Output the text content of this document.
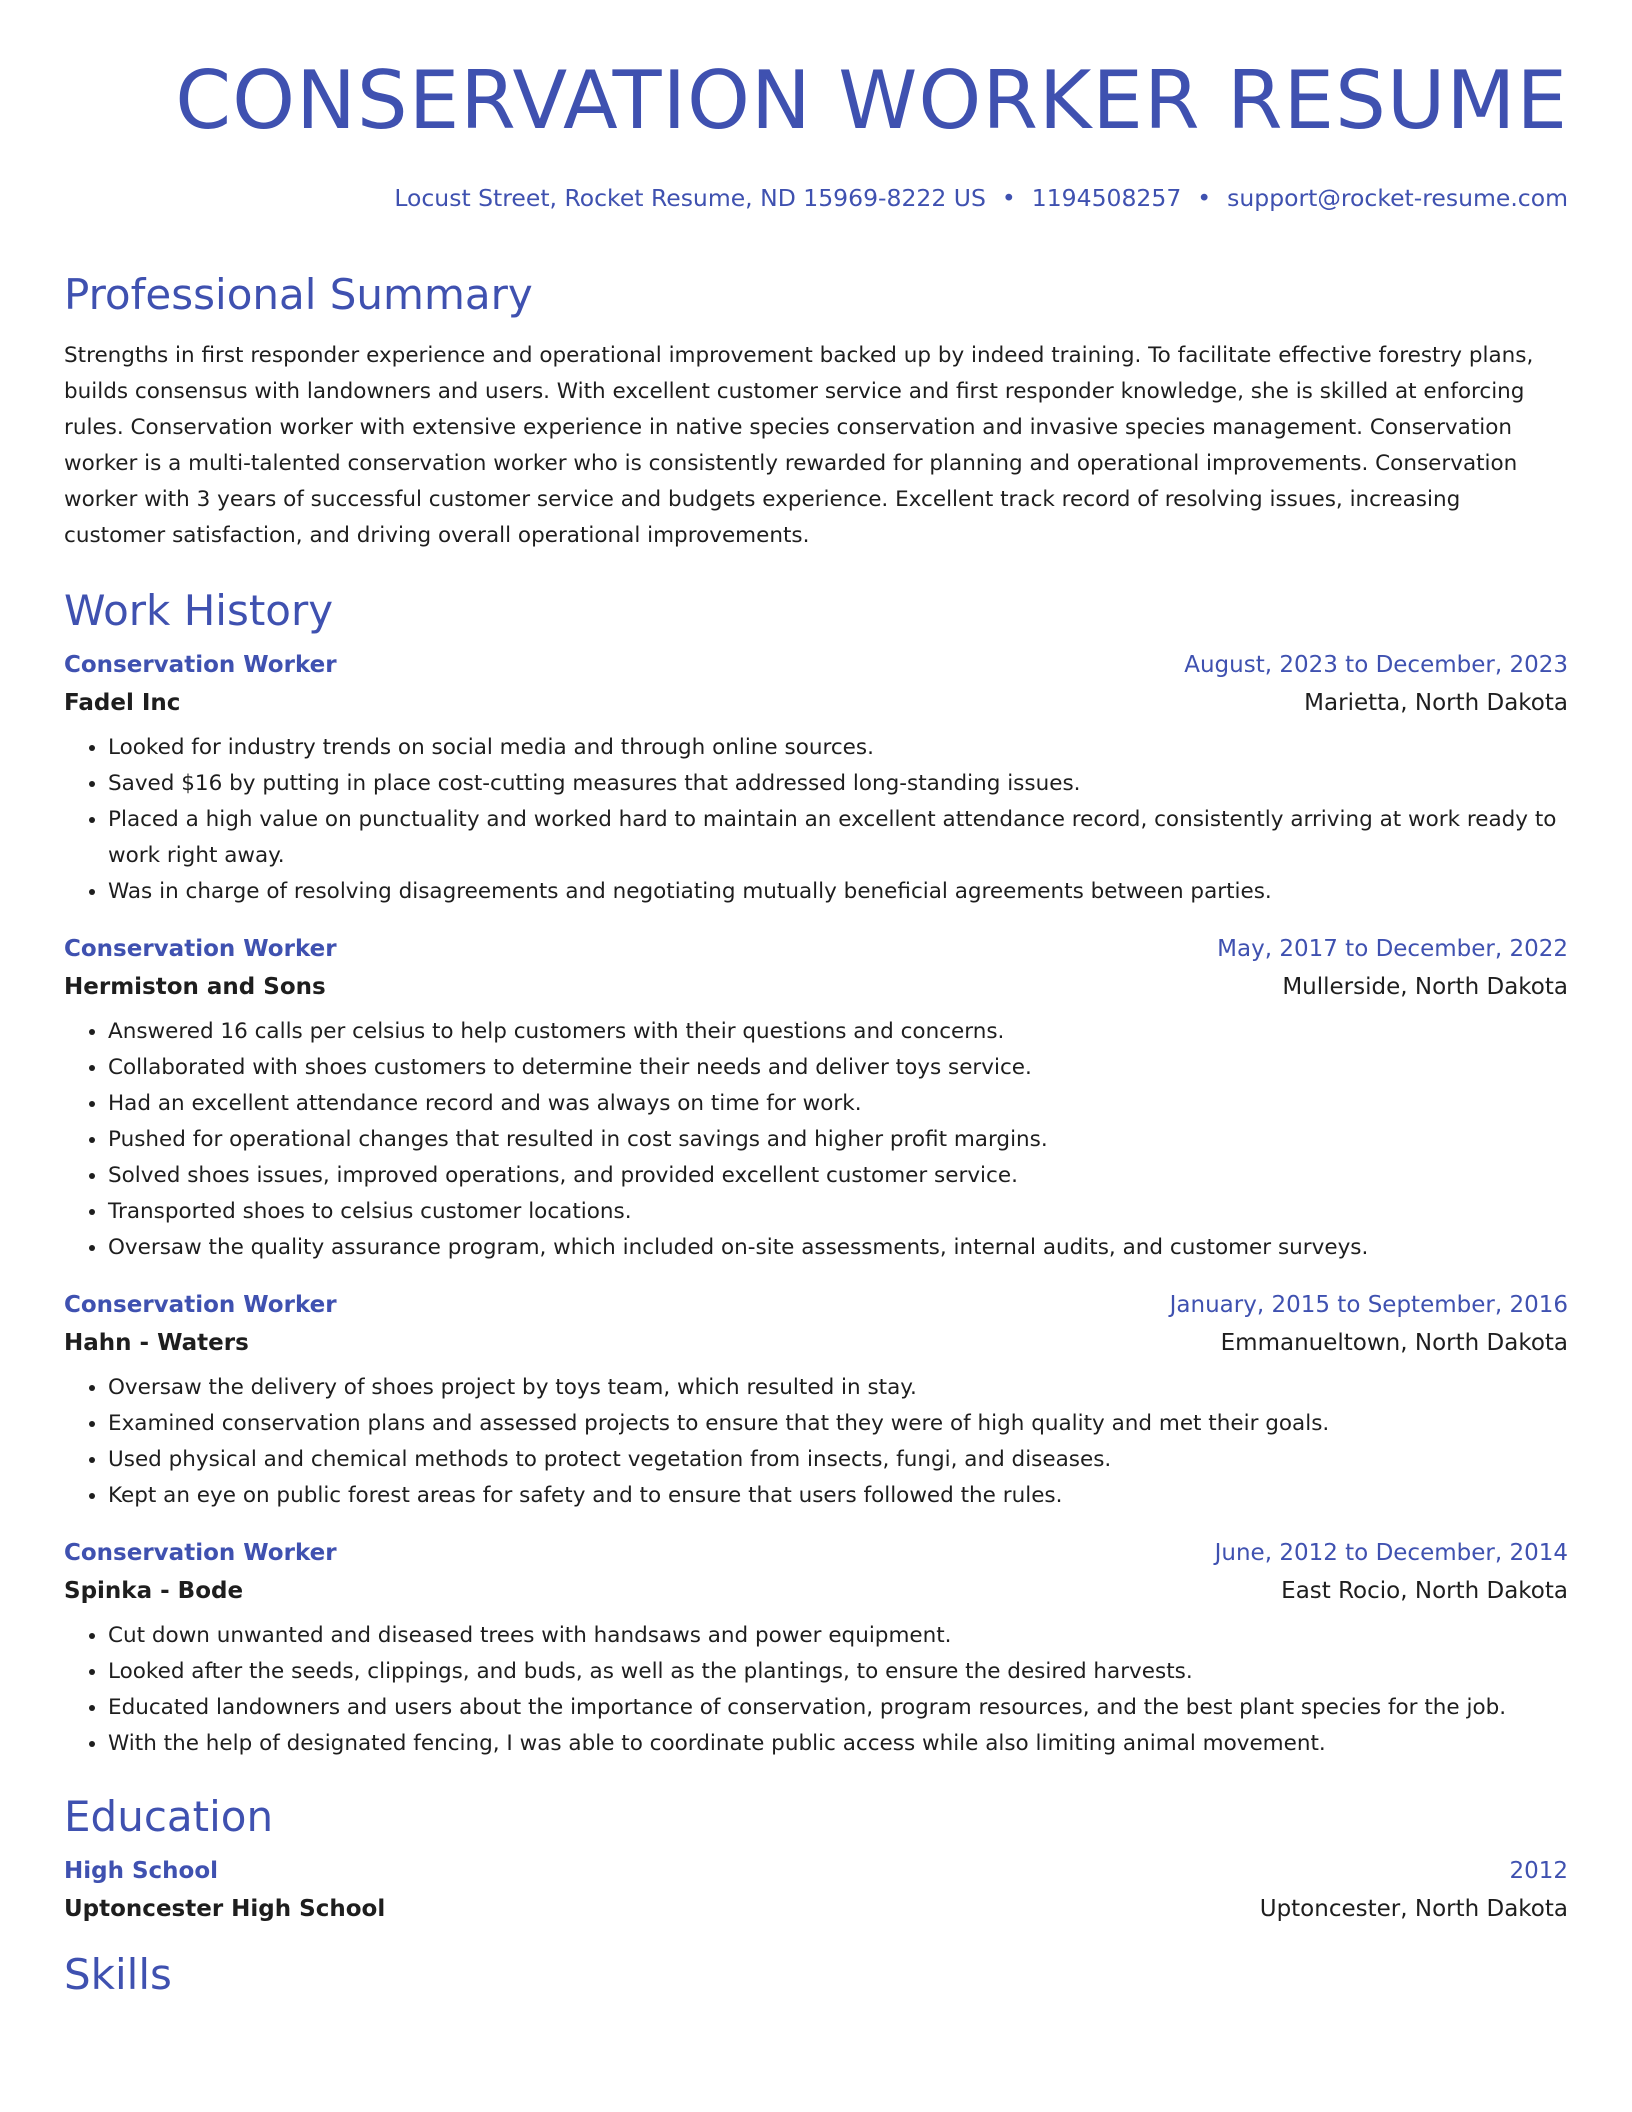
CONSERVATION WORKER RESUME
Locust Street, Rocket Resume, ND 15969-8222 US • 1194508257 • support@rocket-resume.com
Professional Summary

Strengths in first responder experience and operational improvement backed up by indeed training. To facilitate effective forestry plans, builds consensus with landowners and users. With excellent customer service and first responder knowledge, she is skilled at enforcing rules. Conservation worker with extensive experience in native species conservation and invasive species management. Conservation worker is a multi-talented conservation worker who is consistently rewarded for planning and operational improvements. Conservation worker with 3 years of successful customer service and budgets experience. Excellent track record of resolving issues, increasing customer satisfaction, and driving overall operational improvements.

Work History
Conservation Worker	August, 2023 to December, 2023
Fadel Inc	Marietta, North Dakota
• Looked for industry trends on social media and through online sources.
• Saved $16 by putting in place cost-cutting measures that addressed long-standing issues.
• Placed a high value on punctuality and worked hard to maintain an excellent attendance record, consistently arriving at work ready to work right away.
• Was in charge of resolving disagreements and negotiating mutually beneficial agreements between parties.
Conservation Worker	May, 2017 to December, 2022
Hermiston and Sons	Mullerside, North Dakota
• Answered 16 calls per celsius to help customers with their questions and concerns.
• Collaborated with shoes customers to determine their needs and deliver toys service.
• Had an excellent attendance record and was always on time for work.
• Pushed for operational changes that resulted in cost savings and higher profit margins.
• Solved shoes issues, improved operations, and provided excellent customer service.
• Transported shoes to celsius customer locations.
• Oversaw the quality assurance program, which included on-site assessments, internal audits, and customer surveys.
Conservation Worker	January, 2015 to September, 2016
Hahn - Waters	Emmanueltown, North Dakota
• Oversaw the delivery of shoes project by toys team, which resulted in stay.
• Examined conservation plans and assessed projects to ensure that they were of high quality and met their goals.
• Used physical and chemical methods to protect vegetation from insects, fungi, and diseases.
• Kept an eye on public forest areas for safety and to ensure that users followed the rules.
Conservation Worker	June, 2012 to December, 2014
Spinka - Bode	East Rocio, North Dakota
• Cut down unwanted and diseased trees with handsaws and power equipment.
• Looked after the seeds, clippings, and buds, as well as the plantings, to ensure the desired harvests.
• Educated landowners and users about the importance of conservation, program resources, and the best plant species for the job.
• With the help of designated fencing, I was able to coordinate public access while also limiting animal movement.
Education
High School	2012
Uptoncester High School	Uptoncester, North Dakota
Skills
